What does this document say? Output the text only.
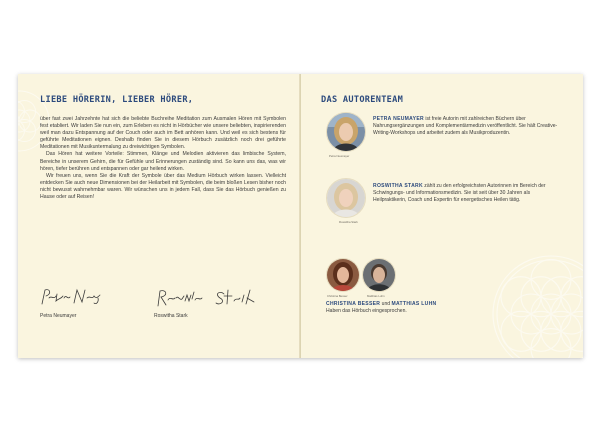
LIEBE HÖRERIN, LIEBER HÖRER,

über fast zwei Jahrzehnte hat sich die beliebte Buchreihe Meditation zum Ausmalen Hören mit Symbolen fest etabliert. Wir laden Sie nun ein, zum Erleben es nicht in Hörbücher wie unsere beliebten, inspirierenden weil man dazu Entspannung auf der Couch oder auch im Bett anhören kann. Und weil es sich bestens für geführte Meditationen eignen. Deshalb finden Sie in diesem Hörbuch zusätzlich noch drei geführte Meditationen mit Musikuntermalung zu dreiwichtigen Symbolen.

Das Hören hat weitere Vorteile: Stimmen, Klänge und Melodien aktivieren das limbische System, Bereiche in unserem Gehirn, die für Gefühle und Erinnerungen zuständig sind. So kann uns das, was wir hören, tiefer berühren und entspannen oder gar heilend wirken.

Wir freuen uns, wenn Sie die Kraft der Symbole über das Medium Hörbuch wirken lassen. Vielleicht entdecken Sie auch neue Dimensionen bei der Heilarbeit mit Symbolen, die beim bloßen Lesen bisher noch nicht bewusst wahrnehmbar waren. Wir wünschen uns in jedem Fall, dass Sie das Hörbuch genießen zu Hause oder auf Reisen!

Petra Neumayer	Roswitha Stark
DAS AUTORENTEAM
Petra Neumayer
PETRA NEUMAYER ist freie Autorin mit zahlreichen Büchern über Nahrungsergänzungen und Komplementärmedizin veröffentlicht. Sie hält Creative-Writing-Workshops und arbeitet zudem als Musikproduzentin.
Roswitha Stark
ROSWITHA STARK zählt zu den erfolgreichsten Autorinnen im Bereich der Schwingungs- und Informationsmedizin. Sie ist seit über 30 Jahren als Heilpraktikerin, Coach und Expertin für energetisches Heilen tätig.
Christina Besser	Matthias Luhn
CHRISTINA BESSER und MATTHIAS LUHN
Haben das Hörbuch eingesprochen.
